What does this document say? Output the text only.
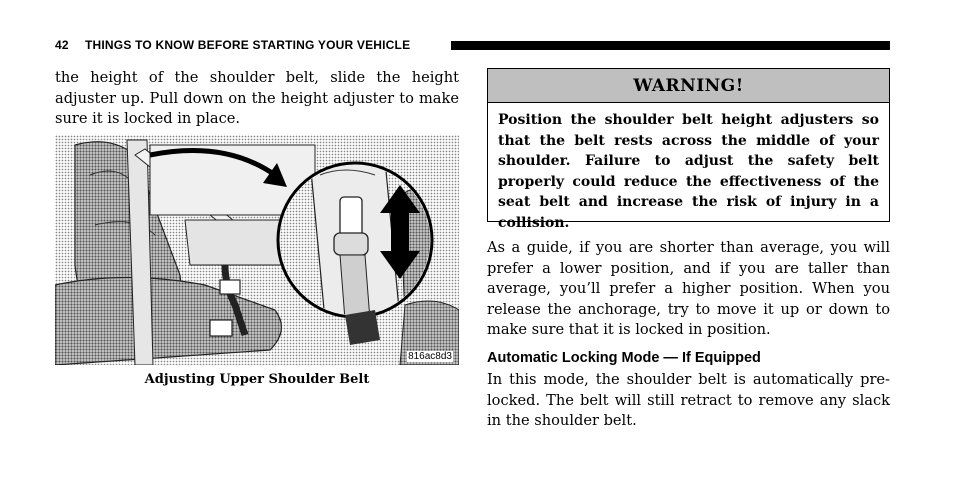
42 THINGS TO KNOW BEFORE STARTING YOUR VEHICLE
the height of the shoulder belt, slide the height adjuster up. Pull down on the height adjuster to make sure it is locked in place.
816ac8d3
Adjusting Upper Shoulder Belt
WARNING!
Position the shoulder belt height adjusters so that the belt rests across the middle of your shoulder. Failure to adjust the safety belt properly could reduce the effectiveness of the seat belt and increase the risk of injury in a collision.
As a guide, if you are shorter than average, you will prefer a lower position, and if you are taller than average, you’ll prefer a higher position. When you release the anchorage, try to move it up or down to make sure that it is locked in position.
Automatic Locking Mode — If Equipped
In this mode, the shoulder belt is automatically pre-locked. The belt will still retract to remove any slack in the shoulder belt.
